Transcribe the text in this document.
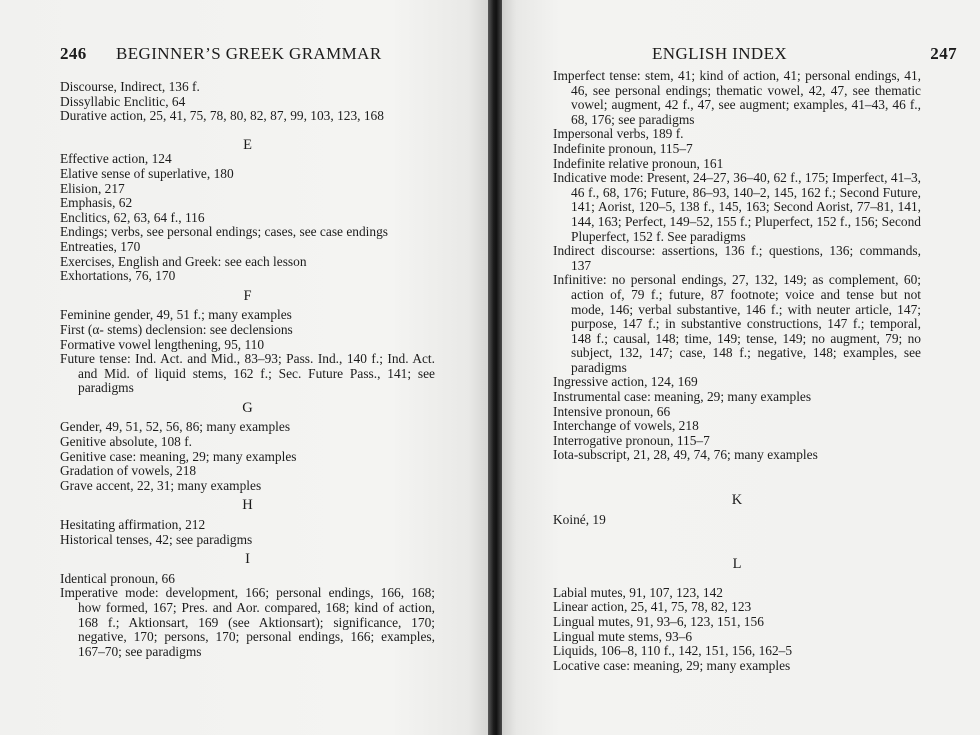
246 BEGINNER’S GREEK GRAMMAR

Discourse, Indirect, 136 f.

Dissyllabic Enclitic, 64

Durative action, 25, 41, 75, 78, 80, 82, 87, 99, 103, 123, 168

E

Effective action, 124

Elative sense of superlative, 180

Elision, 217

Emphasis, 62

Enclitics, 62, 63, 64 f., 116

Endings; verbs, see personal endings; cases, see case endings

Entreaties, 170

Exercises, English and Greek: see each lesson

Exhortations, 76, 170

F

Feminine gender, 49, 51 f.; many examples

First (α- stems) declension: see declensions

Formative vowel lengthening, 95, 110

Future tense: Ind. Act. and Mid., 83–93; Pass. Ind., 140 f.; Ind. Act. and Mid. of liquid stems, 162 f.; Sec. Future Pass., 141; see paradigms

G

Gender, 49, 51, 52, 56, 86; many examples

Genitive absolute, 108 f.

Genitive case: meaning, 29; many examples

Gradation of vowels, 218

Grave accent, 22, 31; many examples

H

Hesitating affirmation, 212

Historical tenses, 42; see paradigms

I

Identical pronoun, 66

Imperative mode: development, 166; personal endings, 166, 168; how formed, 167; Pres. and Aor. compared, 168; kind of action, 168 f.; Aktionsart, 169 (see Aktionsart); significance, 170; negative, 170; persons, 170; personal endings, 166; examples, 167–70; see paradigms

ENGLISH INDEX	247

Imperfect tense: stem, 41; kind of action, 41; personal endings, 41, 46, see personal endings; thematic vowel, 42, 47, see thematic vowel; augment, 42 f., 47, see augment; examples, 41–43, 46 f., 68, 176; see paradigms

Impersonal verbs, 189 f.

Indefinite pronoun, 115–7

Indefinite relative pronoun, 161

Indicative mode: Present, 24–27, 36–40, 62 f., 175; Imperfect, 41–3, 46 f., 68, 176; Future, 86–93, 140–2, 145, 162 f.; Second Future, 141; Aorist, 120–5, 138 f., 145, 163; Second Aorist, 77–81, 141, 144, 163; Perfect, 149–52, 155 f.; Pluperfect, 152 f., 156; Second Pluperfect, 152 f. See paradigms

Indirect discourse: assertions, 136 f.; questions, 136; commands, 137

Infinitive: no personal endings, 27, 132, 149; as complement, 60; action of, 79 f.; future, 87 footnote; voice and tense but not mode, 146; verbal substantive, 146 f.; with neuter article, 147; purpose, 147 f.; in substantive constructions, 147 f.; temporal, 148 f.; causal, 148; time, 149; tense, 149; no augment, 79; no subject, 132, 147; case, 148 f.; negative, 148; examples, see paradigms

Ingressive action, 124, 169

Instrumental case: meaning, 29; many examples

Intensive pronoun, 66

Interchange of vowels, 218

Interrogative pronoun, 115–7

Iota-subscript, 21, 28, 49, 74, 76; many examples

K

Koiné, 19

L

Labial mutes, 91, 107, 123, 142

Linear action, 25, 41, 75, 78, 82, 123

Lingual mutes, 91, 93–6, 123, 151, 156

Lingual mute stems, 93–6

Liquids, 106–8, 110 f., 142, 151, 156, 162–5

Locative case: meaning, 29; many examples
